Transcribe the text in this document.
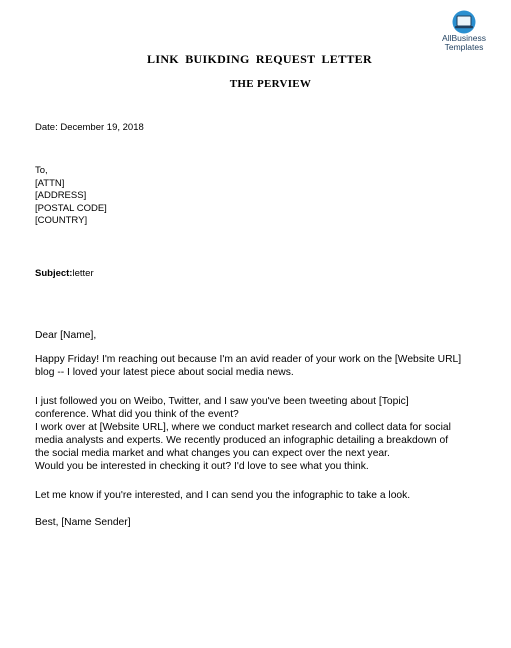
AllBusiness
Templates
LINK BUIKDING REQUEST LETTER
THE PERVIEW
Date: December 19, 2018
To,
[ATTN]
[ADDRESS]
[POSTAL CODE]
[COUNTRY]
Subject:letter
Dear [Name],
Happy Friday! I'm reaching out because I'm an avid reader of your work on the [Website URL]
blog -- I loved your latest piece about social media news.
I just followed you on Weibo, Twitter, and I saw you've been tweeting about [Topic]
conference. What did you think of the event?
I work over at [Website URL], where we conduct market research and collect data for social
media analysts and experts. We recently produced an infographic detailing a breakdown of
the social media market and what changes you can expect over the next year.
Would you be interested in checking it out? I'd love to see what you think.
Let me know if you're interested, and I can send you the infographic to take a look.
Best, [Name Sender]
